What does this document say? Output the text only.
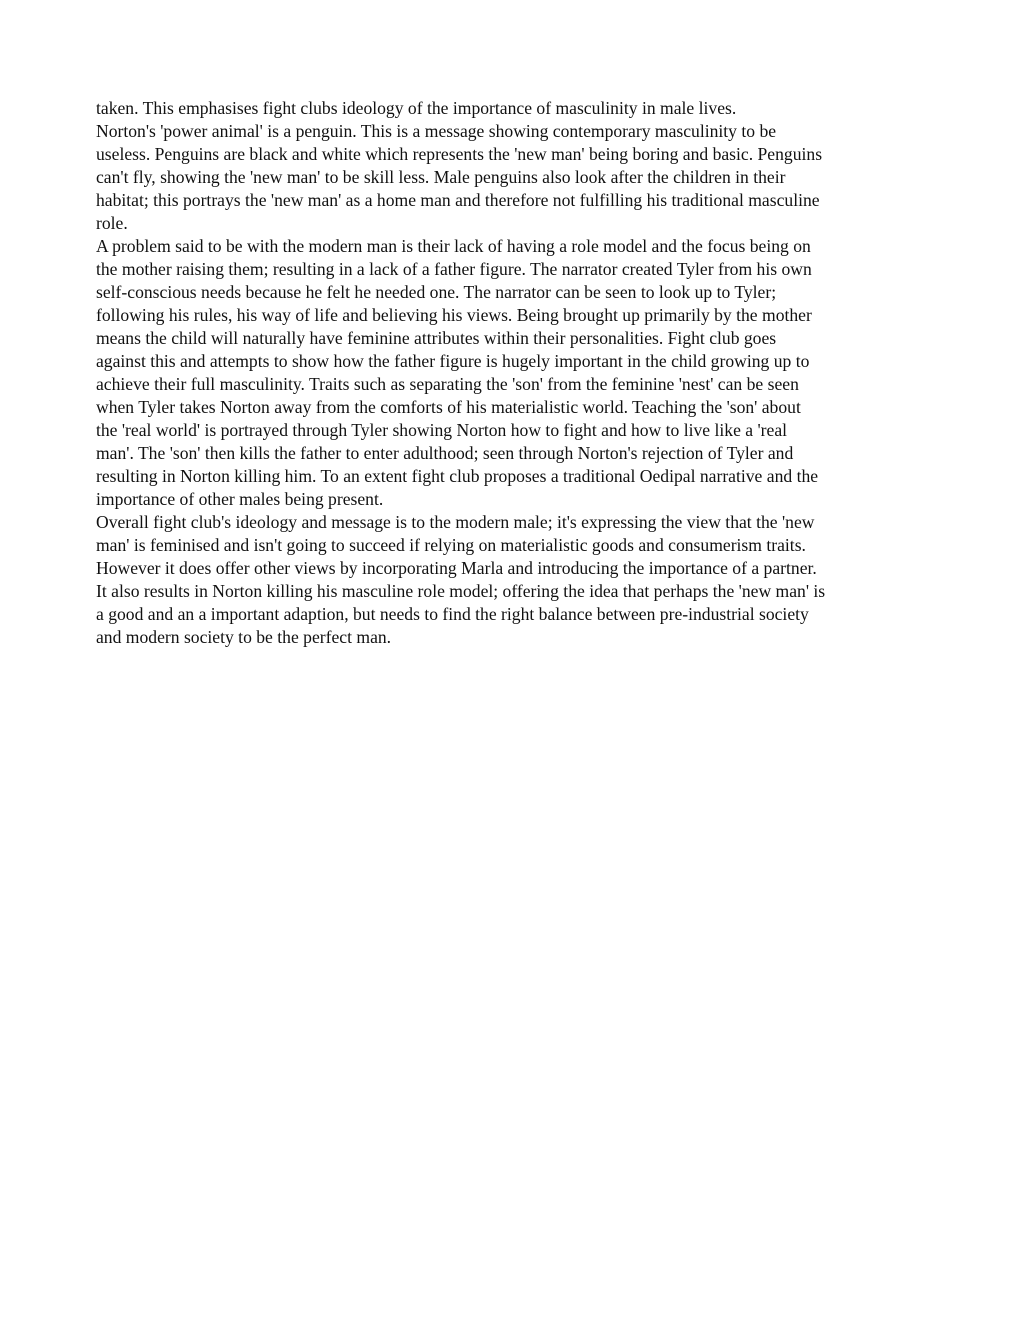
taken. This emphasises fight clubs ideology of the importance of masculinity in male lives.
Norton's 'power animal' is a penguin. This is a message showing contemporary masculinity to be
useless. Penguins are black and white which represents the 'new man' being boring and basic. Penguins
can't fly, showing the 'new man' to be skill less. Male penguins also look after the children in their
habitat; this portrays the 'new man' as a home man and therefore not fulfilling his traditional masculine
role.
A problem said to be with the modern man is their lack of having a role model and the focus being on
the mother raising them; resulting in a lack of a father figure. The narrator created Tyler from his own
self-conscious needs because he felt he needed one. The narrator can be seen to look up to Tyler;
following his rules, his way of life and believing his views. Being brought up primarily by the mother
means the child will naturally have feminine attributes within their personalities. Fight club goes
against this and attempts to show how the father figure is hugely important in the child growing up to
achieve their full masculinity. Traits such as separating the 'son' from the feminine 'nest' can be seen
when Tyler takes Norton away from the comforts of his materialistic world. Teaching the 'son' about
the 'real world' is portrayed through Tyler showing Norton how to fight and how to live like a 'real
man'. The 'son' then kills the father to enter adulthood; seen through Norton's rejection of Tyler and
resulting in Norton killing him. To an extent fight club proposes a traditional Oedipal narrative and the
importance of other males being present.
Overall fight club's ideology and message is to the modern male; it's expressing the view that the 'new
man' is feminised and isn't going to succeed if relying on materialistic goods and consumerism traits.
However it does offer other views by incorporating Marla and introducing the importance of a partner.
It also results in Norton killing his masculine role model; offering the idea that perhaps the 'new man' is
a good and an a important adaption, but needs to find the right balance between pre-industrial society
and modern society to be the perfect man.
